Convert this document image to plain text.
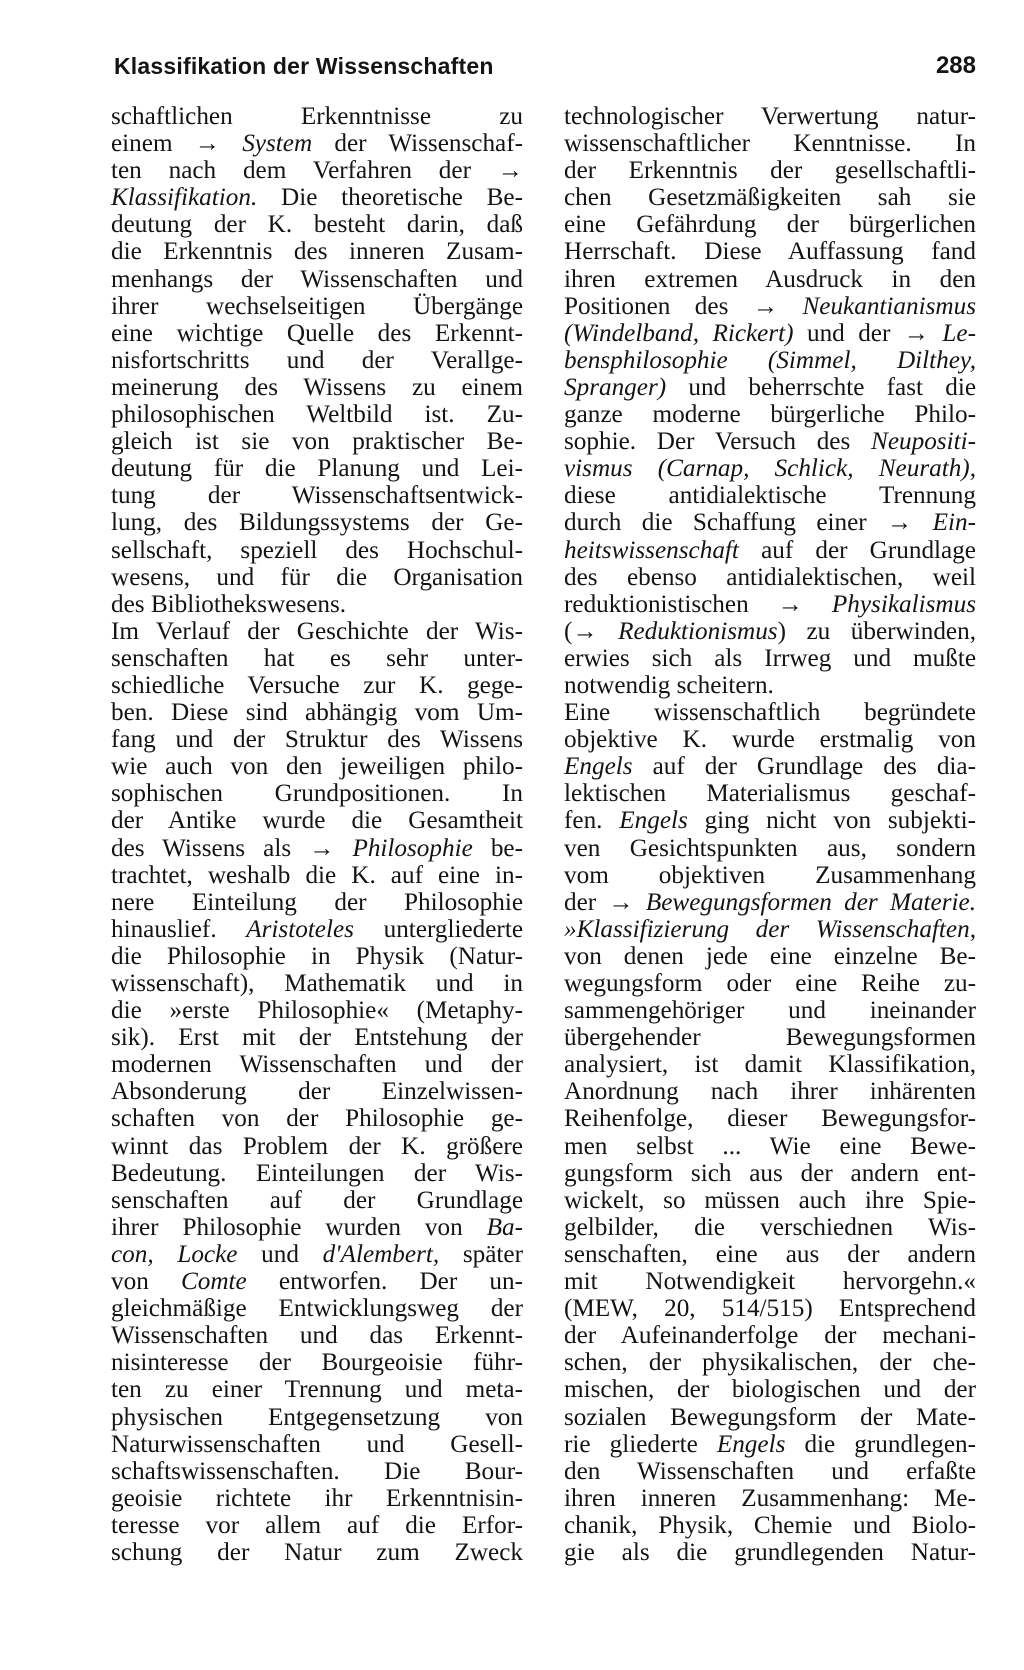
Klassifikation der Wissenschaften	288
schaftlichen Erkenntnisse zu
einem → System der Wissenschaf-
ten nach dem Verfahren der →
Klassifikation. Die theoretische Be-
deutung der K. besteht darin, daß
die Erkenntnis des inneren Zusam-
menhangs der Wissenschaften und
ihrer wechselseitigen Übergänge
eine wichtige Quelle des Erkennt-
nisfortschritts und der Verallge-
meinerung des Wissens zu einem
philosophischen Weltbild ist. Zu-
gleich ist sie von praktischer Be-
deutung für die Planung und Lei-
tung der Wissenschaftsentwick-
lung, des Bildungssystems der Ge-
sellschaft, speziell des Hochschul-
wesens, und für die Organisation
des Bibliothekswesens.
Im Verlauf der Geschichte der Wis-
senschaften hat es sehr unter-
schiedliche Versuche zur K. gege-
ben. Diese sind abhängig vom Um-
fang und der Struktur des Wissens
wie auch von den jeweiligen philo-
sophischen Grundpositionen. In
der Antike wurde die Gesamtheit
des Wissens als → Philosophie be-
trachtet, weshalb die K. auf eine in-
nere Einteilung der Philosophie
hinauslief. Aristoteles untergliederte
die Philosophie in Physik (Natur-
wissenschaft), Mathematik und in
die »erste Philosophie« (Metaphy-
sik). Erst mit der Entstehung der
modernen Wissenschaften und der
Absonderung der Einzelwissen-
schaften von der Philosophie ge-
winnt das Problem der K. größere
Bedeutung. Einteilungen der Wis-
senschaften auf der Grundlage
ihrer Philosophie wurden von Ba-
con, Locke und d'Alembert, später
von Comte entworfen. Der un-
gleichmäßige Entwicklungsweg der
Wissenschaften und das Erkennt-
nisinteresse der Bourgeoisie führ-
ten zu einer Trennung und meta-
physischen Entgegensetzung von
Naturwissenschaften und Gesell-
schaftswissenschaften. Die Bour-
geoisie richtete ihr Erkenntnisin-
teresse vor allem auf die Erfor-
schung der Natur zum Zweck
technologischer Verwertung natur-
wissenschaftlicher Kenntnisse. In
der Erkenntnis der gesellschaftli-
chen Gesetzmäßigkeiten sah sie
eine Gefährdung der bürgerlichen
Herrschaft. Diese Auffassung fand
ihren extremen Ausdruck in den
Positionen des → Neukantianismus
(Windelband, Rickert) und der → Le-
bensphilosophie (Simmel, Dilthey,
Spranger) und beherrschte fast die
ganze moderne bürgerliche Philo-
sophie. Der Versuch des Neupositi-
vismus (Carnap, Schlick, Neurath),
diese antidialektische Trennung
durch die Schaffung einer → Ein-
heitswissenschaft auf der Grundlage
des ebenso antidialektischen, weil
reduktionistischen → Physikalismus
(→ Reduktionismus) zu überwinden,
erwies sich als Irrweg und mußte
notwendig scheitern.
Eine wissenschaftlich begründete
objektive K. wurde erstmalig von
Engels auf der Grundlage des dia-
lektischen Materialismus geschaf-
fen. Engels ging nicht von subjekti-
ven Gesichtspunkten aus, sondern
vom objektiven Zusammenhang
der → Bewegungsformen der Materie.
»Klassifizierung der Wissenschaften,
von denen jede eine einzelne Be-
wegungsform oder eine Reihe zu-
sammengehöriger und ineinander
übergehender Bewegungsformen
analysiert, ist damit Klassifikation,
Anordnung nach ihrer inhärenten
Reihenfolge, dieser Bewegungsfor-
men selbst ... Wie eine Bewe-
gungsform sich aus der andern ent-
wickelt, so müssen auch ihre Spie-
gelbilder, die verschiednen Wis-
senschaften, eine aus der andern
mit Notwendigkeit hervorgehn.«
(MEW, 20, 514/515) Entsprechend
der Aufeinanderfolge der mechani-
schen, der physikalischen, der che-
mischen, der biologischen und der
sozialen Bewegungsform der Mate-
rie gliederte Engels die grundlegen-
den Wissenschaften und erfaßte
ihren inneren Zusammenhang: Me-
chanik, Physik, Chemie und Biolo-
gie als die grundlegenden Natur-
